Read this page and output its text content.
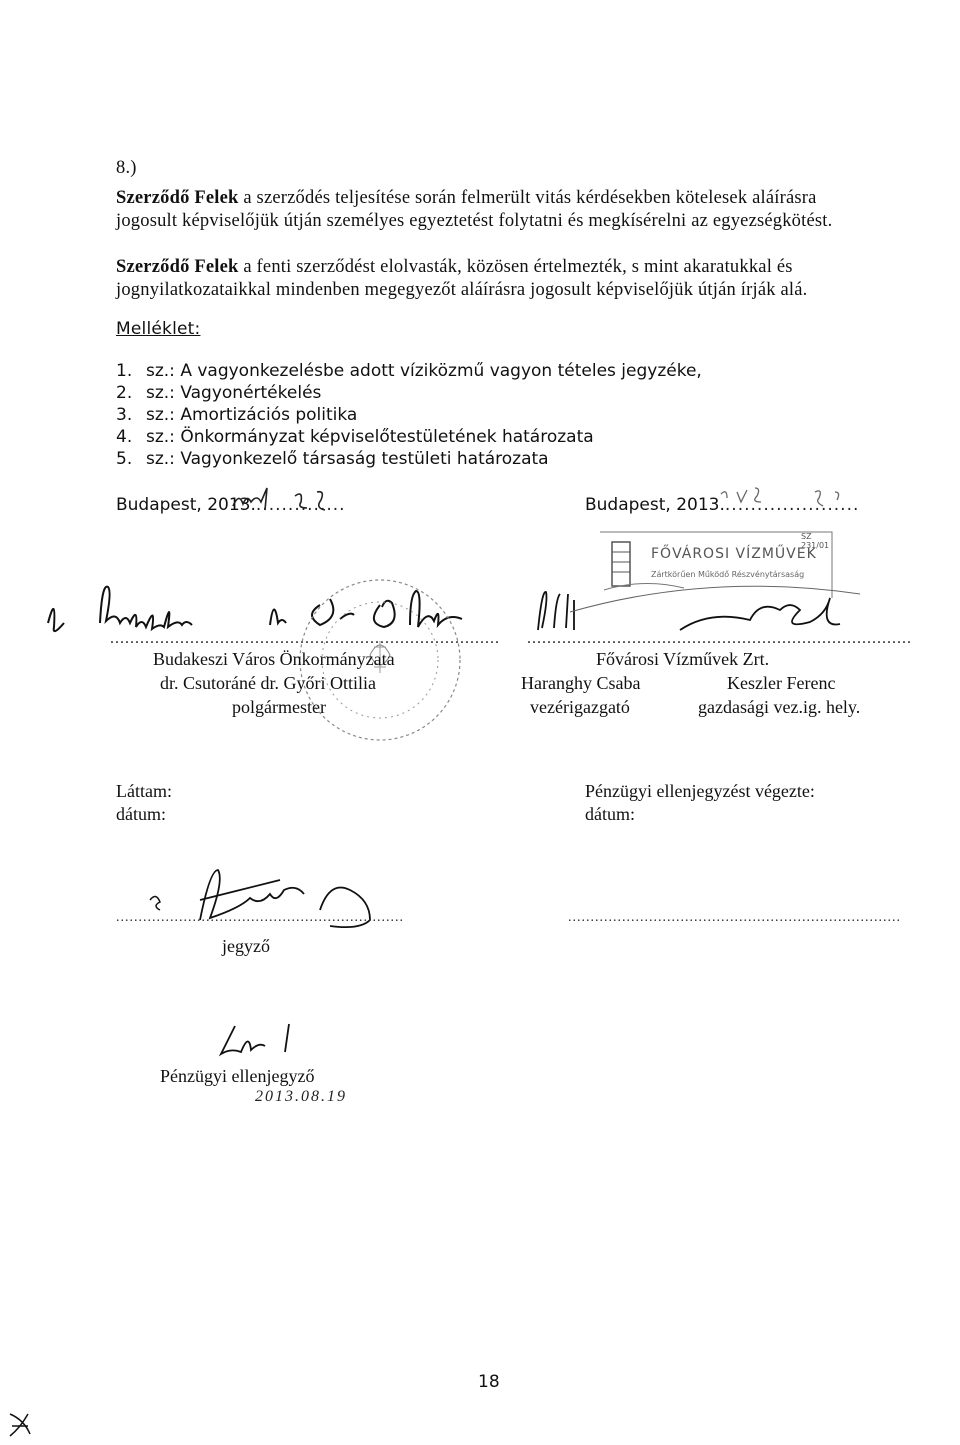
8.)
Szerződő Felek a szerződés teljesítése során felmerült vitás kérdésekben kötelesek aláírásra
jogosult képviselőjük útján személyes egyeztetést folytatni és megkísérelni az egyezségkötést.
Szerződő Felek a fenti szerződést elolvasták, közösen értelmezték, s mint akaratukkal és
jognyilatkozataikkal mindenben megegyezőt aláírásra jogosult képviselőjük útján írják alá.
Melléklet:
1. sz.: A vagyonkezelésbe adott víziközmű vagyon tételes jegyzéke,
2. sz.: Vagyonértékelés
3. sz.: Amortizációs politika
4. sz.: Önkormányzat képviselőtestületének határozata
5. sz.: Vagyonkezelő társaság testületi határozata
Budapest, 2013...............	Budapest, 2013......................
..............................................................................
Budakeszi Város Önkormányzata
dr. Csutoráné dr. Győri Ottilia
polgármester
SZ 231/01
FŐVÁROSI VÍZMŰVEK
Zártkörűen Működő Részvénytársaság
.............................................................................
Fővárosi Vízművek Zrt.
Haranghy Csaba
vezérigazgató
Keszler Ferenc
gazdasági vez.ig. hely.
Láttam:
dátum:
Pénzügyi ellenjegyzést végezte:
dátum:
................................................................	..........................................................................
jegyző
Pénzügyi ellenjegyző
2013.08.19
18
